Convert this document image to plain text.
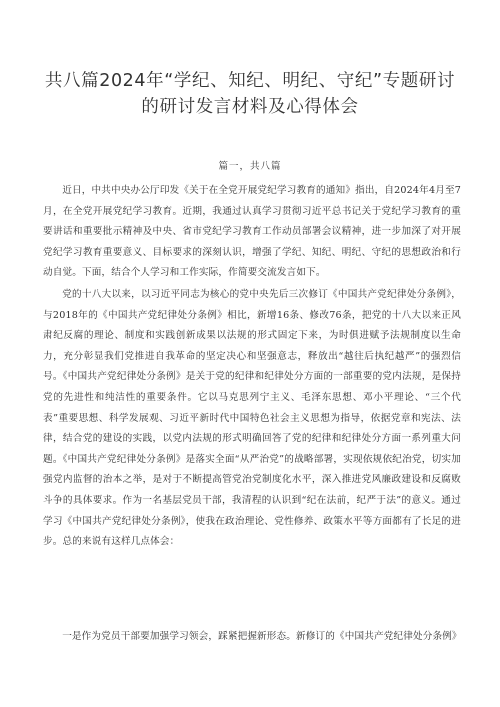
共八篇2024年“学纪、知纪、明纪、守纪”专题研讨的研讨发言材料及心得体会
篇一，共八篇

近日，中共中央办公厅印发《关于在全党开展党纪学习教育的通知》指出，自2024年4月至7月，在全党开展党纪学习教育。近期，我通过认真学习贯彻习近平总书记关于党纪学习教育的重要讲话和重要批示精神及中央、省市党纪学习教育工作动员部署会议精神，进一步加深了对开展党纪学习教育重要意义、目标要求的深刻认识，增强了学纪、知纪、明纪、守纪的思想政治和行动自觉。下面，结合个人学习和工作实际，作简要交流发言如下。

党的十八大以来，以习近平同志为核心的党中央先后三次修订《中国共产党纪律处分条例》，与2018年的《中国共产党纪律处分条例》相比，新增16条、修改76条，把党的十八大以来正风肃纪反腐的理论、制度和实践创新成果以法规的形式固定下来，为时俱进赋予法规制度以生命力，充分彰显我们党推进自我革命的坚定决心和坚强意志，释放出“越往后执纪越严”的强烈信号。《中国共产党纪律处分条例》是关于党的纪律和纪律处分方面的一部重要的党内法规，是保持党的先进性和纯洁性的重要条件。它以马克思列宁主义、毛泽东思想、邓小平理论、“三个代表”重要思想、科学发展观、习近平新时代中国特色社会主义思想为指导，依据党章和宪法、法律，结合党的建设的实践，以党内法规的形式明确回答了党的纪律和纪律处分方面一系列重大问题。《中国共产党纪律处分条例》是落实全面“从严治党”的战略部署，实现依规依纪治党，切实加强党内监督的治本之举，是对于不断提高管党治党制度化水平，深入推进党风廉政建设和反腐败斗争的具体要求。作为一名基层党员干部，我清程的认识到“纪在法前，纪严于法”的意义。通过学习《中国共产党纪律处分条例》，使我在政治理论、党性修养、政策水平等方面都有了长足的进步。总的来说有这样几点体会：

一是作为党员干部要加强学习领会，踩紧把握新形态。新修订的《中国共产党纪律处分条例》
